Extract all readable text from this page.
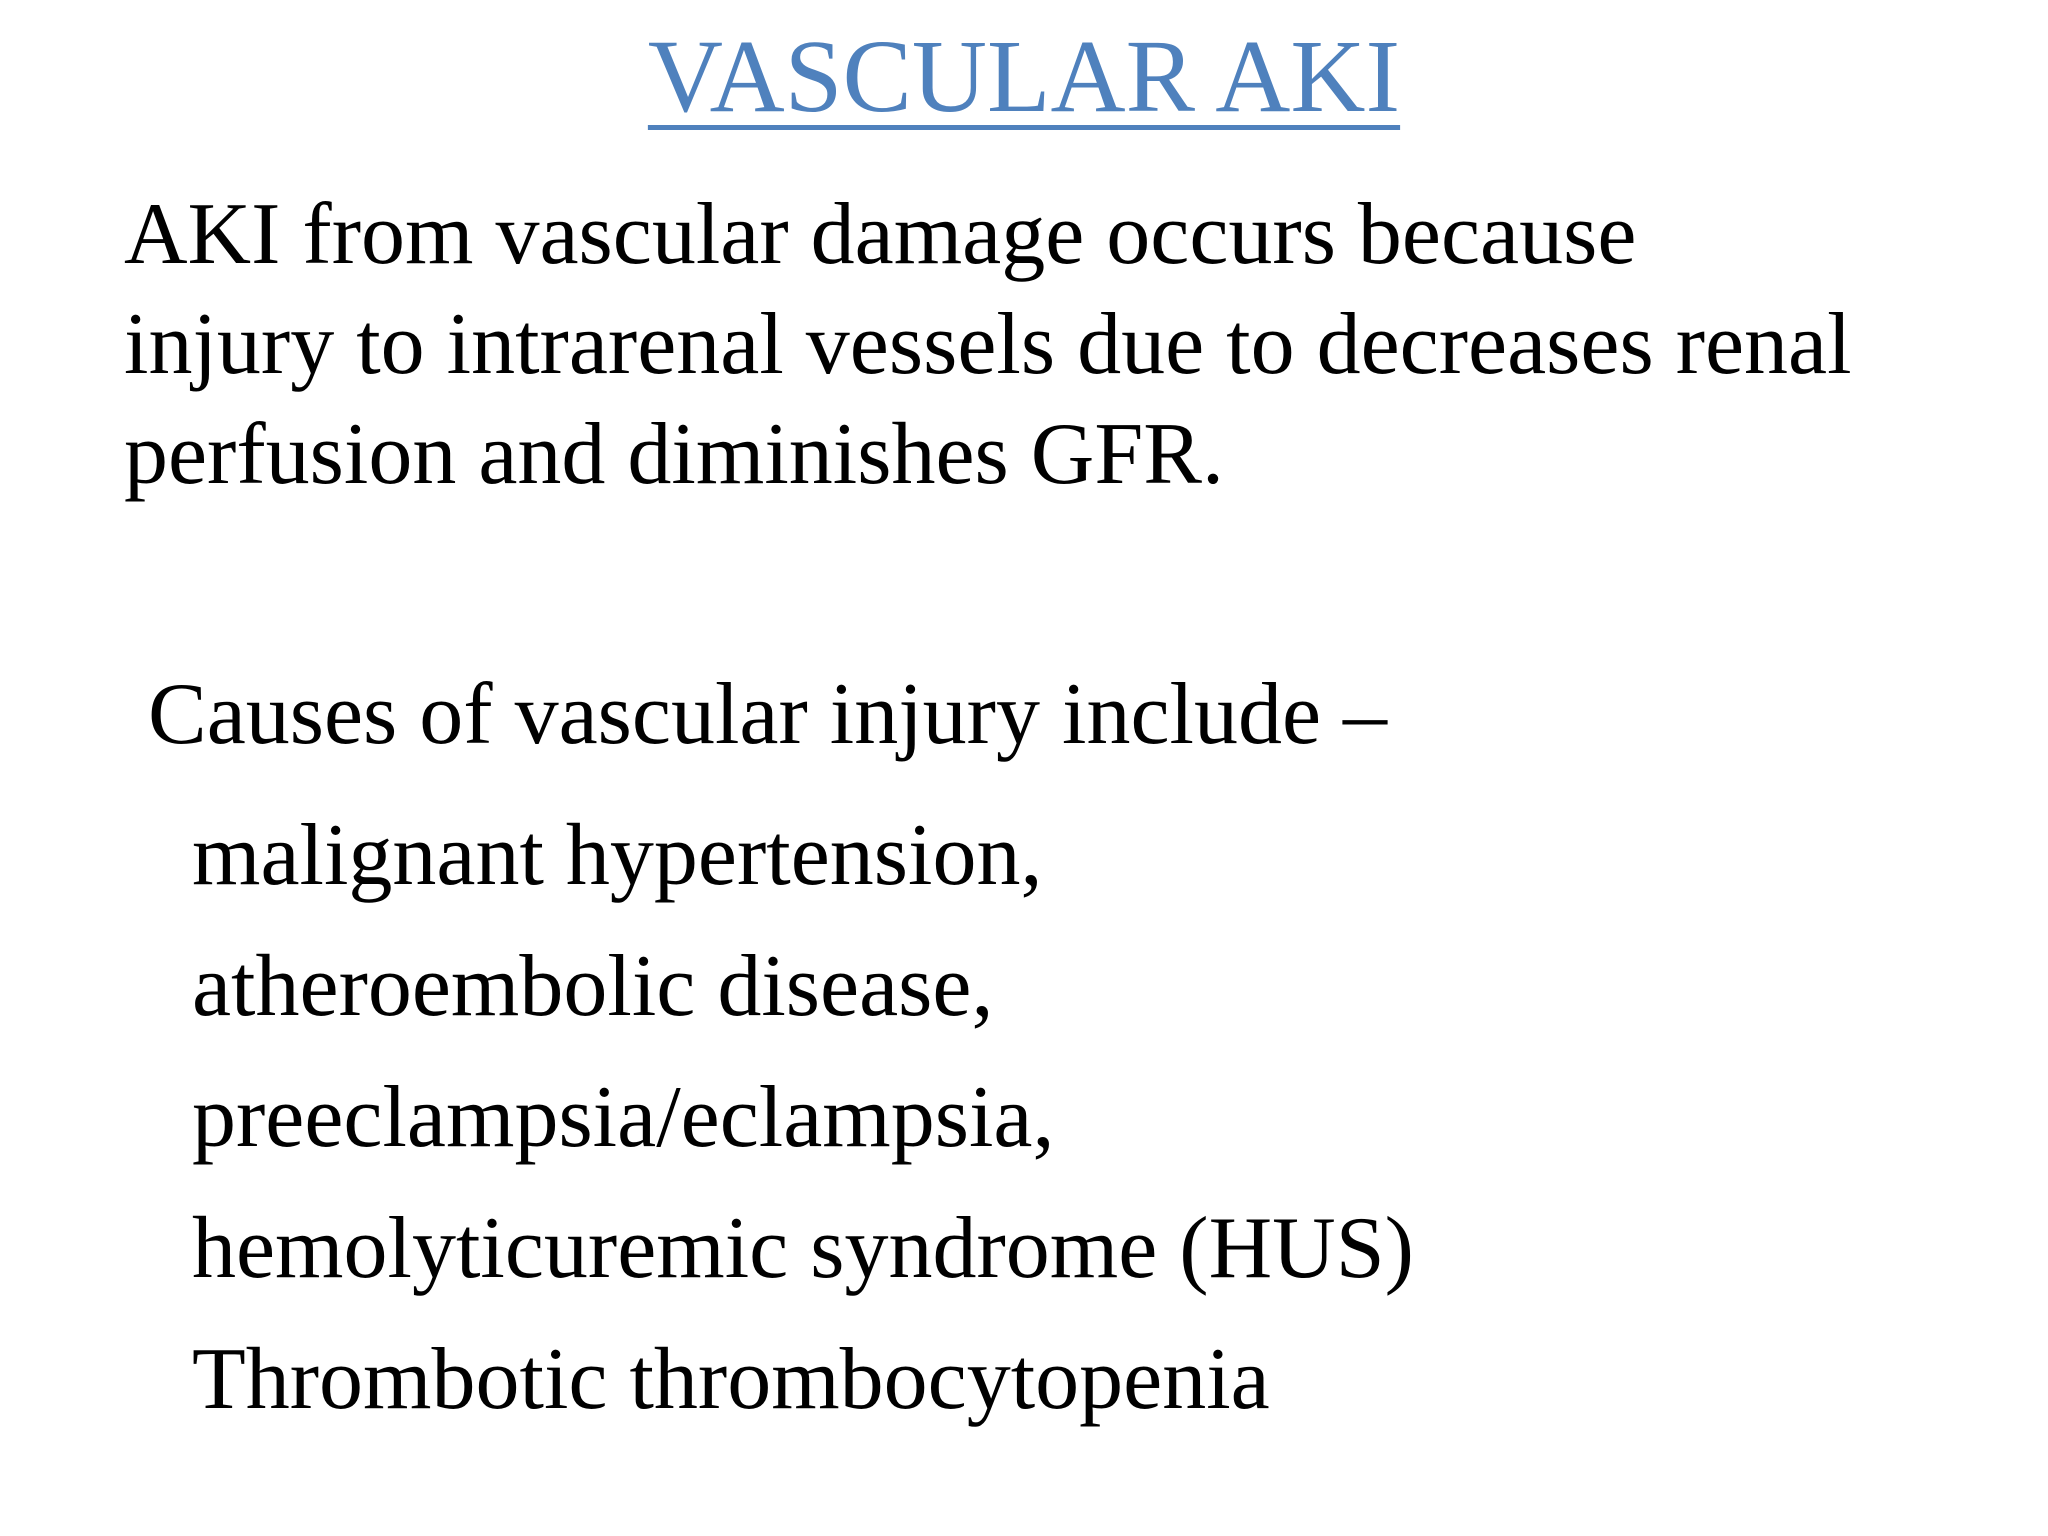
VASCULAR AKI
AKI from vascular damage occurs because
injury to intrarenal vessels due to decreases renal
perfusion and diminishes GFR.
Causes of vascular injury include –
malignant hypertension,
atheroembolic disease,
preeclampsia/eclampsia,
hemolyticuremic syndrome (HUS)
Thrombotic thrombocytopenia
